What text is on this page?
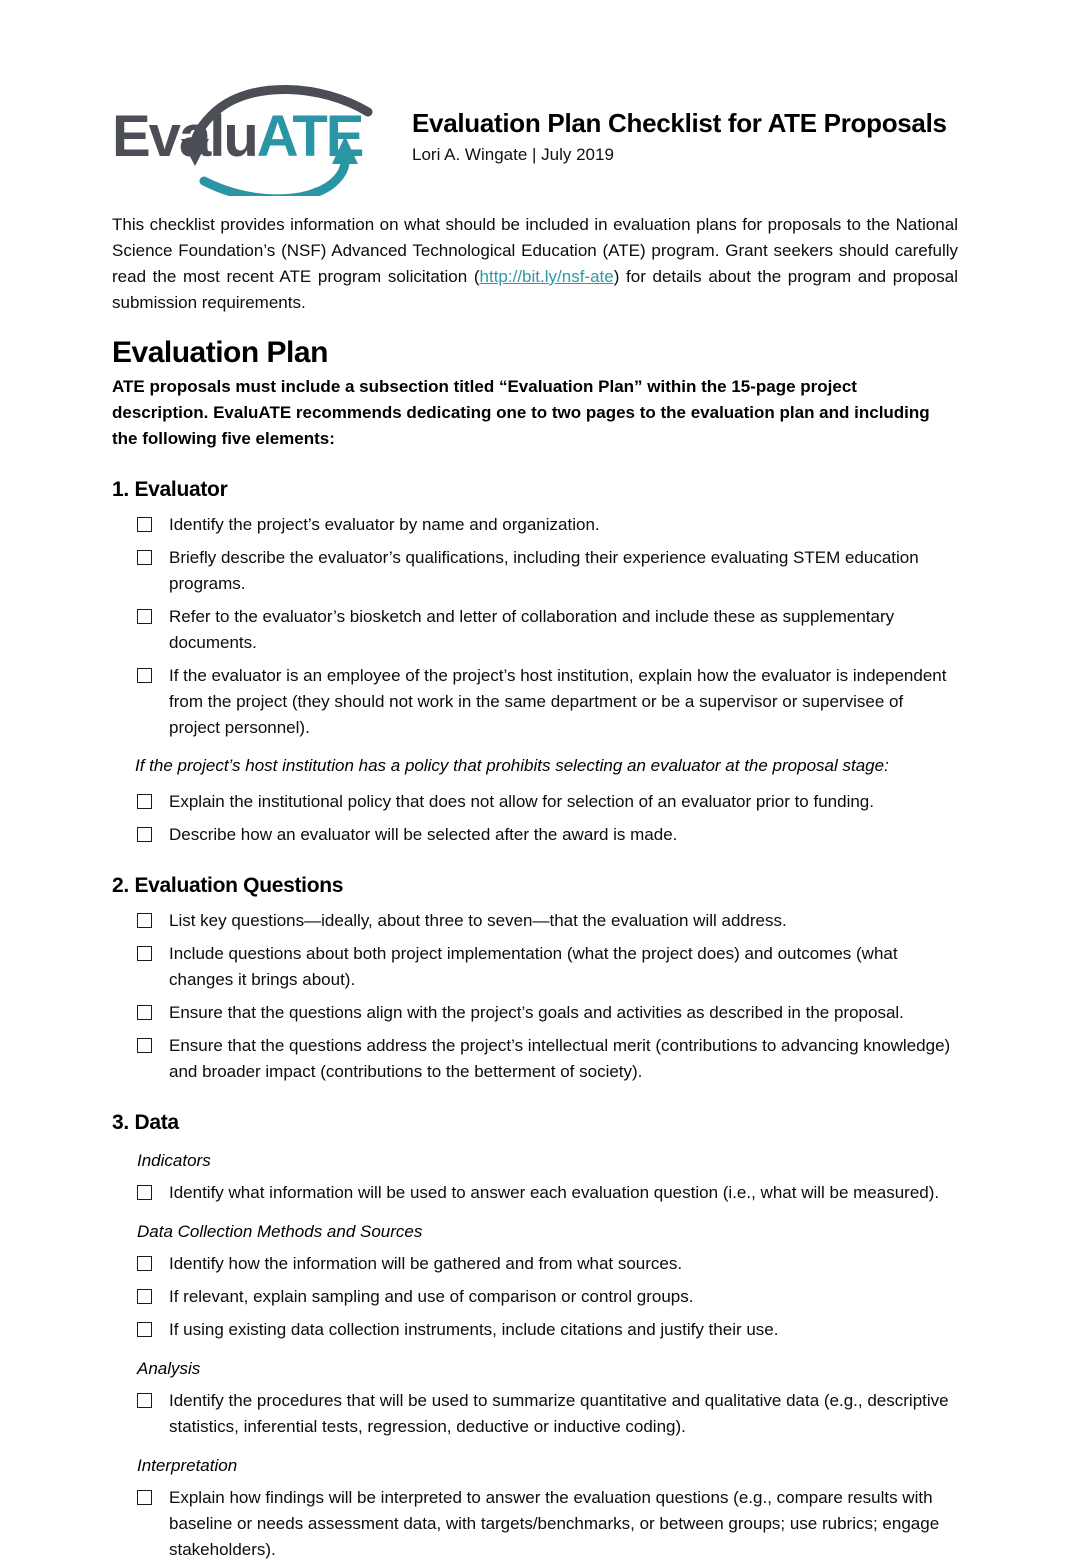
EvaluATE Evaluation Plan Checklist for ATE Proposals
Lori A. Wingate | July 2019

This checklist provides information on what should be included in evaluation plans for proposals to the National Science Foundation’s (NSF) Advanced Technological Education (ATE) program. Grant seekers should carefully read the most recent ATE program solicitation (http://bit.ly/nsf-ate) for details about the program and proposal submission requirements.

Evaluation Plan

ATE proposals must include a subsection titled “Evaluation Plan” within the 15-page project description. EvaluATE recommends dedicating one to two pages to the evaluation plan and including the following five elements:

1. Evaluator
Identify the project’s evaluator by name and organization.
Briefly describe the evaluator’s qualifications, including their experience evaluating STEM education programs.
Refer to the evaluator’s biosketch and letter of collaboration and include these as supplementary documents.
If the evaluator is an employee of the project’s host institution, explain how the evaluator is independent from the project (they should not work in the same department or be a supervisor or supervisee of project personnel).

If the project’s host institution has a policy that prohibits selecting an evaluator at the proposal stage:

Explain the institutional policy that does not allow for selection of an evaluator prior to funding.
Describe how an evaluator will be selected after the award is made.
2. Evaluation Questions
List key questions—ideally, about three to seven—that the evaluation will address.
Include questions about both project implementation (what the project does) and outcomes (what changes it brings about).
Ensure that the questions align with the project’s goals and activities as described in the proposal.
Ensure that the questions address the project’s intellectual merit (contributions to advancing knowledge) and broader impact (contributions to the betterment of society).
3. Data

Indicators

Identify what information will be used to answer each evaluation question (i.e., what will be measured).

Data Collection Methods and Sources

Identify how the information will be gathered and from what sources.
If relevant, explain sampling and use of comparison or control groups.
If using existing data collection instruments, include citations and justify their use.

Analysis

Identify the procedures that will be used to summarize quantitative and qualitative data (e.g., descriptive statistics, inferential tests, regression, deductive or inductive coding).

Interpretation

Explain how findings will be interpreted to answer the evaluation questions (e.g., compare results with baseline or needs assessment data, with targets/benchmarks, or between groups; use rubrics; engage stakeholders).
